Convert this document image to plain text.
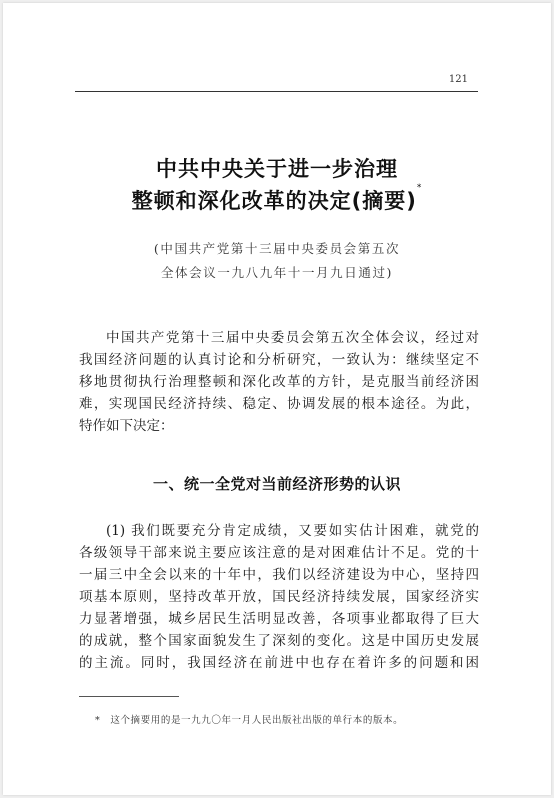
121
中共中央关于进一步治理
整顿和深化改革的决定(摘要)*
(中国共产党第十三届中央委员会第五次
全体会议一九八九年十一月九日通过)
中国共产党第十三届中央委员会第五次全体会议，经过对
我国经济问题的认真讨论和分析研究，一致认为：继续坚定不
移地贯彻执行治理整顿和深化改革的方针，是克服当前经济困
难，实现国民经济持续、稳定、协调发展的根本途径。为此，
特作如下决定：
一、统一全党对当前经济形势的认识
(1) 我们既要充分肯定成绩，又要如实估计困难，就党的
各级领导干部来说主要应该注意的是对困难估计不足。党的十
一届三中全会以来的十年中，我们以经济建设为中心，坚持四
项基本原则，坚持改革开放，国民经济持续发展，国家经济实
力显著增强，城乡居民生活明显改善，各项事业都取得了巨大
的成就，整个国家面貌发生了深刻的变化。这是中国历史发展
的主流。同时，我国经济在前进中也存在着许多的问题和困
* 这个摘要用的是一九九〇年一月人民出版社出版的单行本的版本。
